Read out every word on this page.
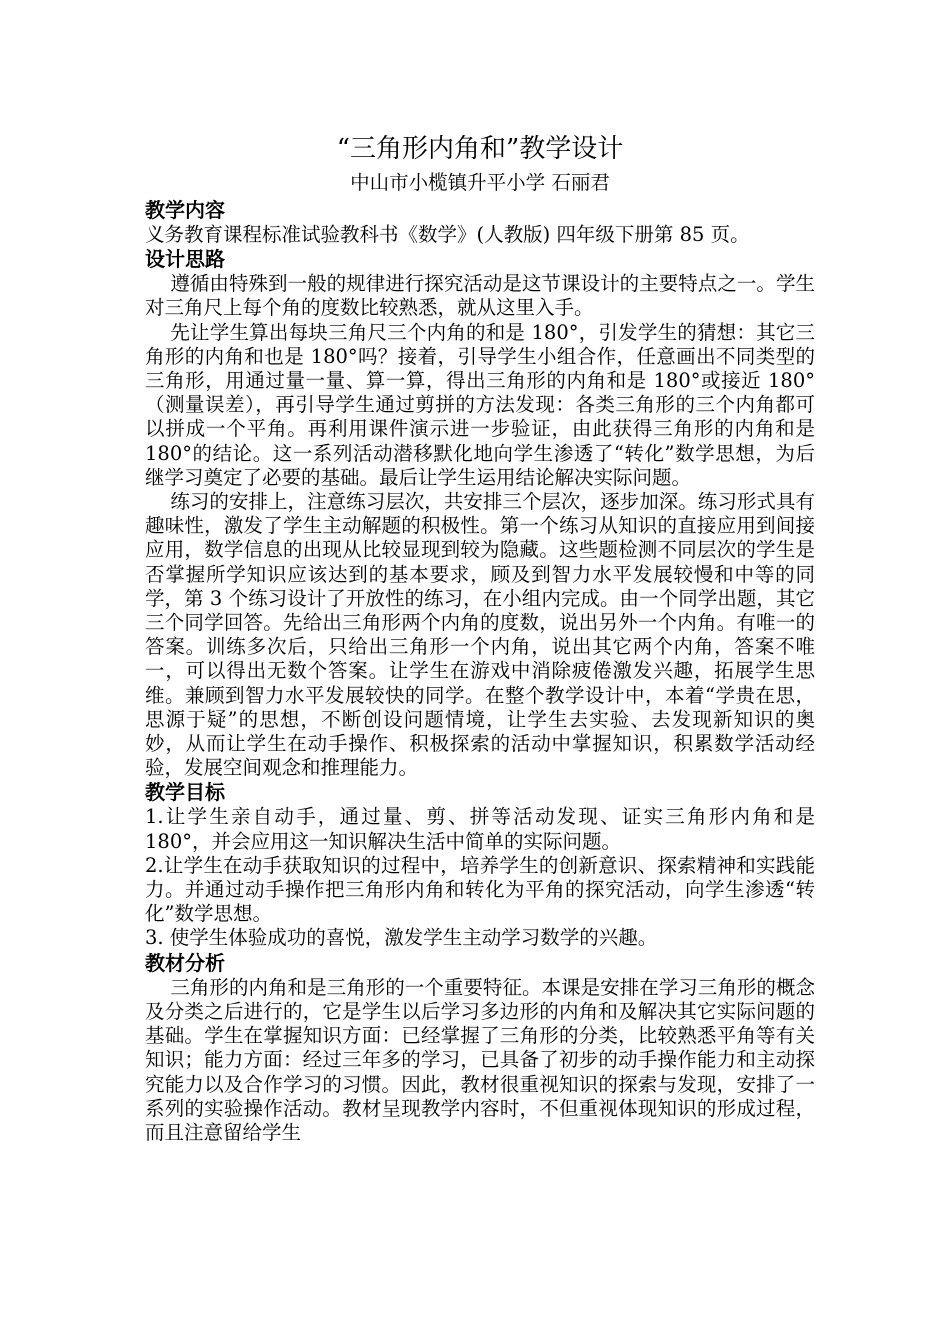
“三角形内角和”教学设计
中山市小榄镇升平小学 石丽君
教学内容

义务教育课程标准试验教科书《数学》(人教版) 四年级下册第 85 页。

设计思路

遵循由特殊到一般的规律进行探究活动是这节课设计的主要特点之一。学生对三角尺上每个角的度数比较熟悉，就从这里入手。

先让学生算出每块三角尺三个内角的和是 180°，引发学生的猜想：其它三角形的内角和也是 180°吗？接着，引导学生小组合作，任意画出不同类型的三角形，用通过量一量、算一算，得出三角形的内角和是 180°或接近 180°（测量误差），再引导学生通过剪拼的方法发现：各类三角形的三个内角都可以拼成一个平角。再利用课件演示进一步验证，由此获得三角形的内角和是 180°的结论。这一系列活动潜移默化地向学生渗透了“转化”数学思想，为后继学习奠定了必要的基础。最后让学生运用结论解决实际问题。

练习的安排上，注意练习层次，共安排三个层次，逐步加深。练习形式具有趣味性，激发了学生主动解题的积极性。第一个练习从知识的直接应用到间接应用，数学信息的出现从比较显现到较为隐藏。这些题检测不同层次的学生是否掌握所学知识应该达到的基本要求，顾及到智力水平发展较慢和中等的同学，第 3 个练习设计了开放性的练习，在小组内完成。由一个同学出题，其它三个同学回答。先给出三角形两个内角的度数，说出另外一个内角。有唯一的答案。训练多次后，只给出三角形一个内角，说出其它两个内角，答案不唯一，可以得出无数个答案。让学生在游戏中消除疲倦激发兴趣，拓展学生思维。兼顾到智力水平发展较快的同学。在整个教学设计中，本着“学贵在思，思源于疑”的思想，不断创设问题情境，让学生去实验、去发现新知识的奥妙，从而让学生在动手操作、积极探索的活动中掌握知识，积累数学活动经验，发展空间观念和推理能力。

教学目标

1.让学生亲自动手，通过量、剪、拼等活动发现、证实三角形内角和是 180°，并会应用这一知识解决生活中简单的实际问题。

2.让学生在动手获取知识的过程中，培养学生的创新意识、探索精神和实践能力。并通过动手操作把三角形内角和转化为平角的探究活动，向学生渗透“转化”数学思想。

3. 使学生体验成功的喜悦，激发学生主动学习数学的兴趣。

教材分析

三角形的内角和是三角形的一个重要特征。本课是安排在学习三角形的概念及分类之后进行的，它是学生以后学习多边形的内角和及解决其它实际问题的基础。学生在掌握知识方面：已经掌握了三角形的分类，比较熟悉平角等有关知识；能力方面：经过三年多的学习，已具备了初步的动手操作能力和主动探究能力以及合作学习的习惯。因此，教材很重视知识的探索与发现，安排了一系列的实验操作活动。教材呈现教学内容时，不但重视体现知识的形成过程，而且注意留给学生
